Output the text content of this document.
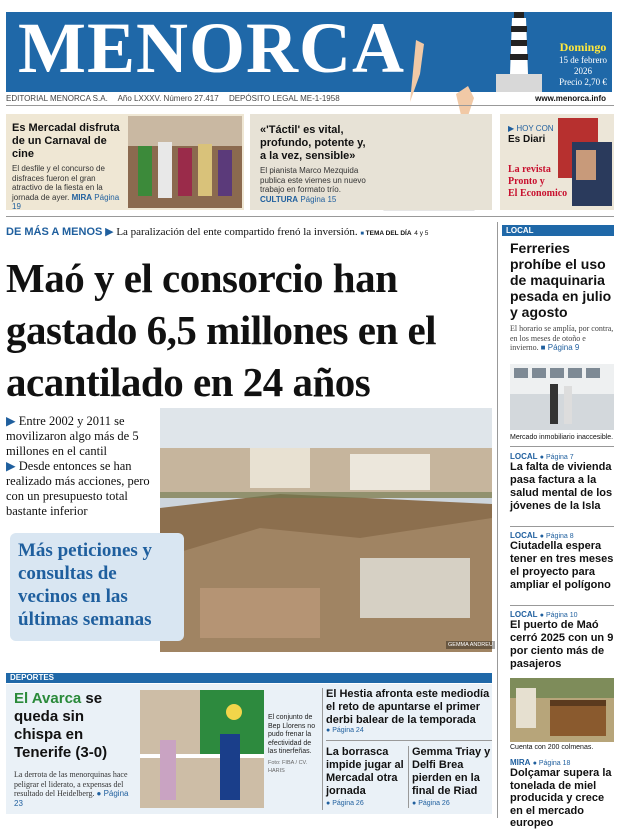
MENORCA	Domingo
15 de febrero
2026
Precio 2,70 €
EDITORIAL MENORCA S.A. Año LXXXV. Número 27.417 DEPÓSITO LEGAL ME-1-1958	www.menorca.info
Es Mercadal disfruta de un Carnaval de cine
El desfile y el concurso de disfraces fueron el gran atractivo de la fiesta en la jornada de ayer. MIRA Página 19
«'Táctil' es vital, profundo, potente y, a la vez, sensible»
El pianista Marco Mezquida publica este viernes un nuevo trabajo en formato trío. CULTURA Página 15
▶ HOY CON
Es Diari
La revista
Pronto y
El Economico
DE MÁS A MENOS ▶ La paralización del ente compartido frenó la inversión. ■ TEMA DEL DÍA 4 y 5
Maó y el consorcio han gastado 6,5 millones en el acantilado en 24 años
▶ Entre 2002 y 2011 se movilizaron algo más de 5 millones en el cantil
▶ Desde entonces se han realizado más acciones, pero con un presupuesto total bastante inferior
GEMMA ANDREU
Más peticiones y consultas de vecinos en las últimas semanas
LOCAL
Ferreries prohíbe el uso de maquinaria pesada en julio y agosto
El horario se amplía, por contra, en los meses de otoño e invierno. ■ Página 9
Mercado inmobiliario inaccesible.
LOCAL ● Página 7
La falta de vivienda pasa factura a la salud mental de los jóvenes de la Isla
LOCAL ● Página 8
Ciutadella espera tener en tres meses el proyecto para ampliar el polígono
LOCAL ● Página 10
El puerto de Maó cerró 2025 con un 9 por ciento más de pasajeros
Cuenta con 200 colmenas.
MIRA ● Página 18
Dolçamar supera la tonelada de miel producida y crece en el mercado europeo
DEPORTES
El Avarca se queda sin chispa en Tenerife (3-0)
La derrota de las menorquinas hace peligrar el liderato, a expensas del resultado del Heidelberg. ● Página 23
El conjunto de Bep Llorens no pudo frenar la efectividad de las tinerfeñas.
Foto: FIBA / CV. HARIS
El Hestia afronta este mediodía el reto de apuntarse el primer derbi balear de la temporada
● Página 24
La borrasca impide jugar al Mercadal otra jornada
● Página 26
Gemma Triay y Delfi Brea pierden en la final de Riad
● Página 26
